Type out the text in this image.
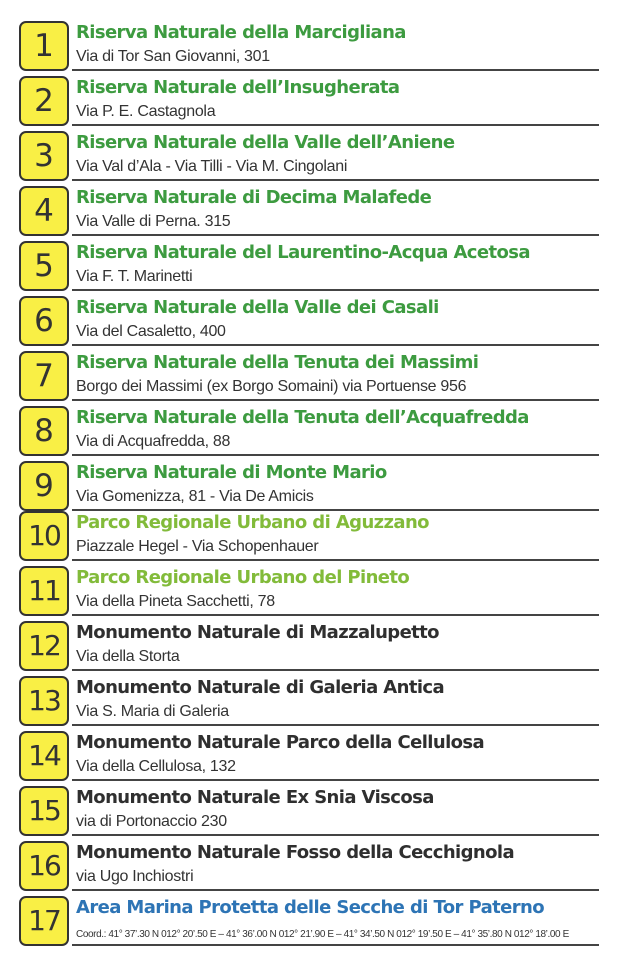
1	Riserva Naturale della Marcigliana
Via di Tor San Giovanni, 301
2	Riserva Naturale dell’Insugherata
Via P. E. Castagnola
3	Riserva Naturale della Valle dell’Aniene
Via Val d’Ala - Via Tilli - Via M. Cingolani
4	Riserva Naturale di Decima Malafede
Via Valle di Perna. 315
5	Riserva Naturale del Laurentino-Acqua Acetosa
Via F. T. Marinetti
6	Riserva Naturale della Valle dei Casali
Via del Casaletto, 400
7	Riserva Naturale della Tenuta dei Massimi
Borgo dei Massimi (ex Borgo Somaini) via Portuense 956
8	Riserva Naturale della Tenuta dell’Acquafredda
Via di Acquafredda, 88
9	Riserva Naturale di Monte Mario
Via Gomenizza, 81 - Via De Amicis
10 Parco Regionale Urbano di Aguzzano
Piazzale Hegel - Via Schopenhauer
11 Parco Regionale Urbano del Pineto
Via della Pineta Sacchetti, 78
12 Monumento Naturale di Mazzalupetto
Via della Storta
13 Monumento Naturale di Galeria Antica
Via S. Maria di Galeria
14 Monumento Naturale Parco della Cellulosa
Via della Cellulosa, 132
15 Monumento Naturale Ex Snia Viscosa
via di Portonaccio 230
16 Monumento Naturale Fosso della Cecchignola
via Ugo Inchiostri
17 Area Marina Protetta delle Secche di Tor Paterno
Coord.: 41° 37’.30 N 012° 20’.50 E – 41° 36’.00 N 012° 21’.90 E – 41° 34’.50 N 012° 19’.50 E – 41° 35’.80 N 012° 18’.00 E
